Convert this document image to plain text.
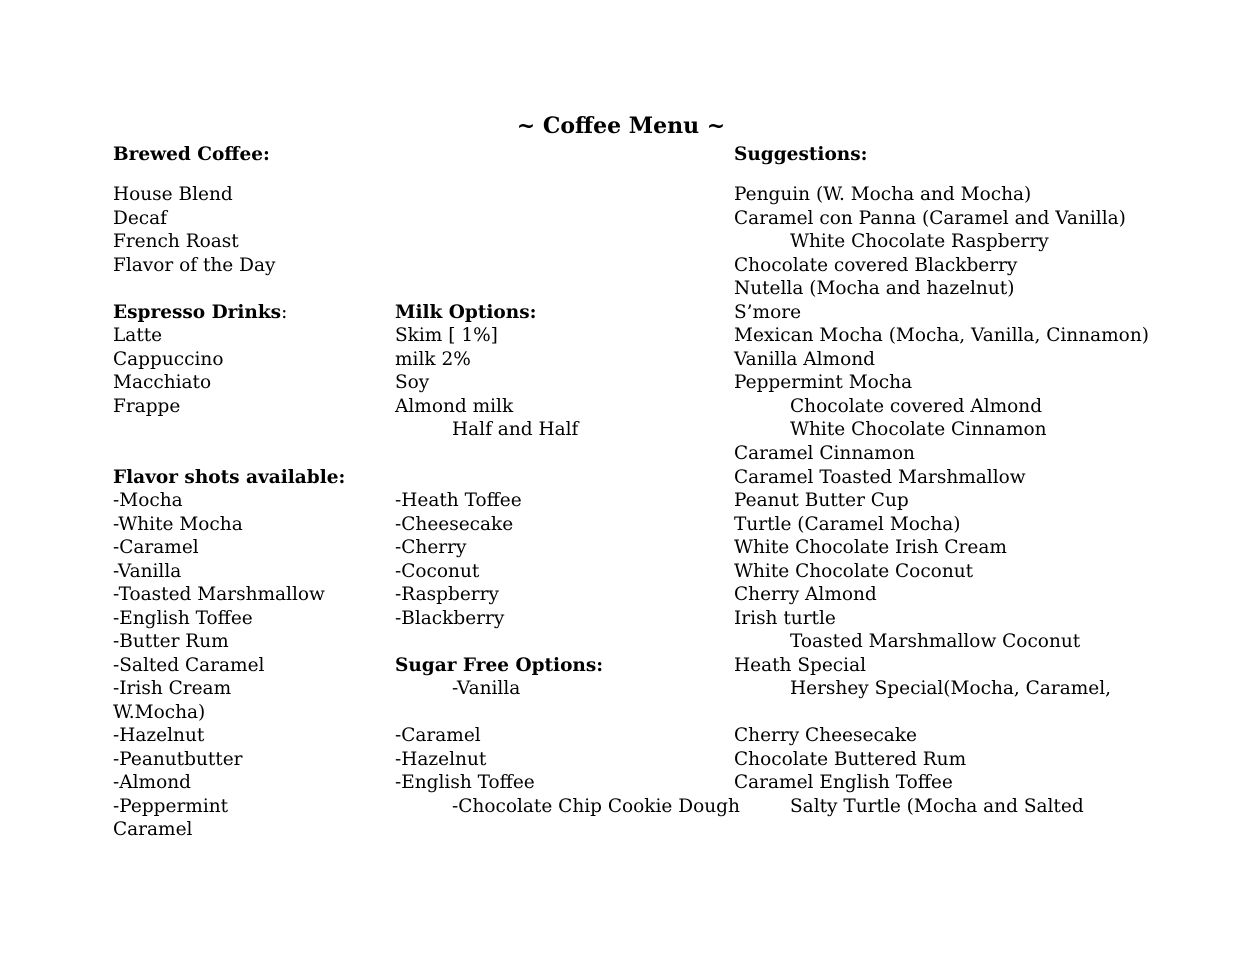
~ Coffee Menu ~
Brewed Coffee:
House Blend
Decaf
French Roast
Flavor of the Day
Espresso Drinks:
Latte
Cappuccino
Macchiato
Frappe
Milk Options:
Skim [ 1%]
milk 2%
Soy
Almond milk
Half and Half
Flavor shots available:
-Mocha
-White Mocha
-Caramel
-Vanilla
-Toasted Marshmallow
-English Toffee
-Butter Rum
-Salted Caramel
-Irish Cream
W.Mocha)
-Hazelnut
-Peanutbutter
-Almond
-Peppermint
Caramel
-Heath Toffee
-Cheesecake
-Cherry
-Coconut
-Raspberry
-Blackberry
Sugar Free Options:
-Vanilla
-Caramel
-Hazelnut
-English Toffee
-Chocolate Chip Cookie Dough
Suggestions:
Penguin (W. Mocha and Mocha)
Caramel con Panna (Caramel and Vanilla)
White Chocolate Raspberry
Chocolate covered Blackberry
Nutella (Mocha and hazelnut)
S’more
Mexican Mocha (Mocha, Vanilla, Cinnamon)
Vanilla Almond
Peppermint Mocha
Chocolate covered Almond
White Chocolate Cinnamon
Caramel Cinnamon
Caramel Toasted Marshmallow
Peanut Butter Cup
Turtle (Caramel Mocha)
White Chocolate Irish Cream
White Chocolate Coconut
Cherry Almond
Irish turtle
Toasted Marshmallow Coconut
Heath Special
Hershey Special(Mocha, Caramel,
Cherry Cheesecake
Chocolate Buttered Rum
Caramel English Toffee
Salty Turtle (Mocha and Salted
